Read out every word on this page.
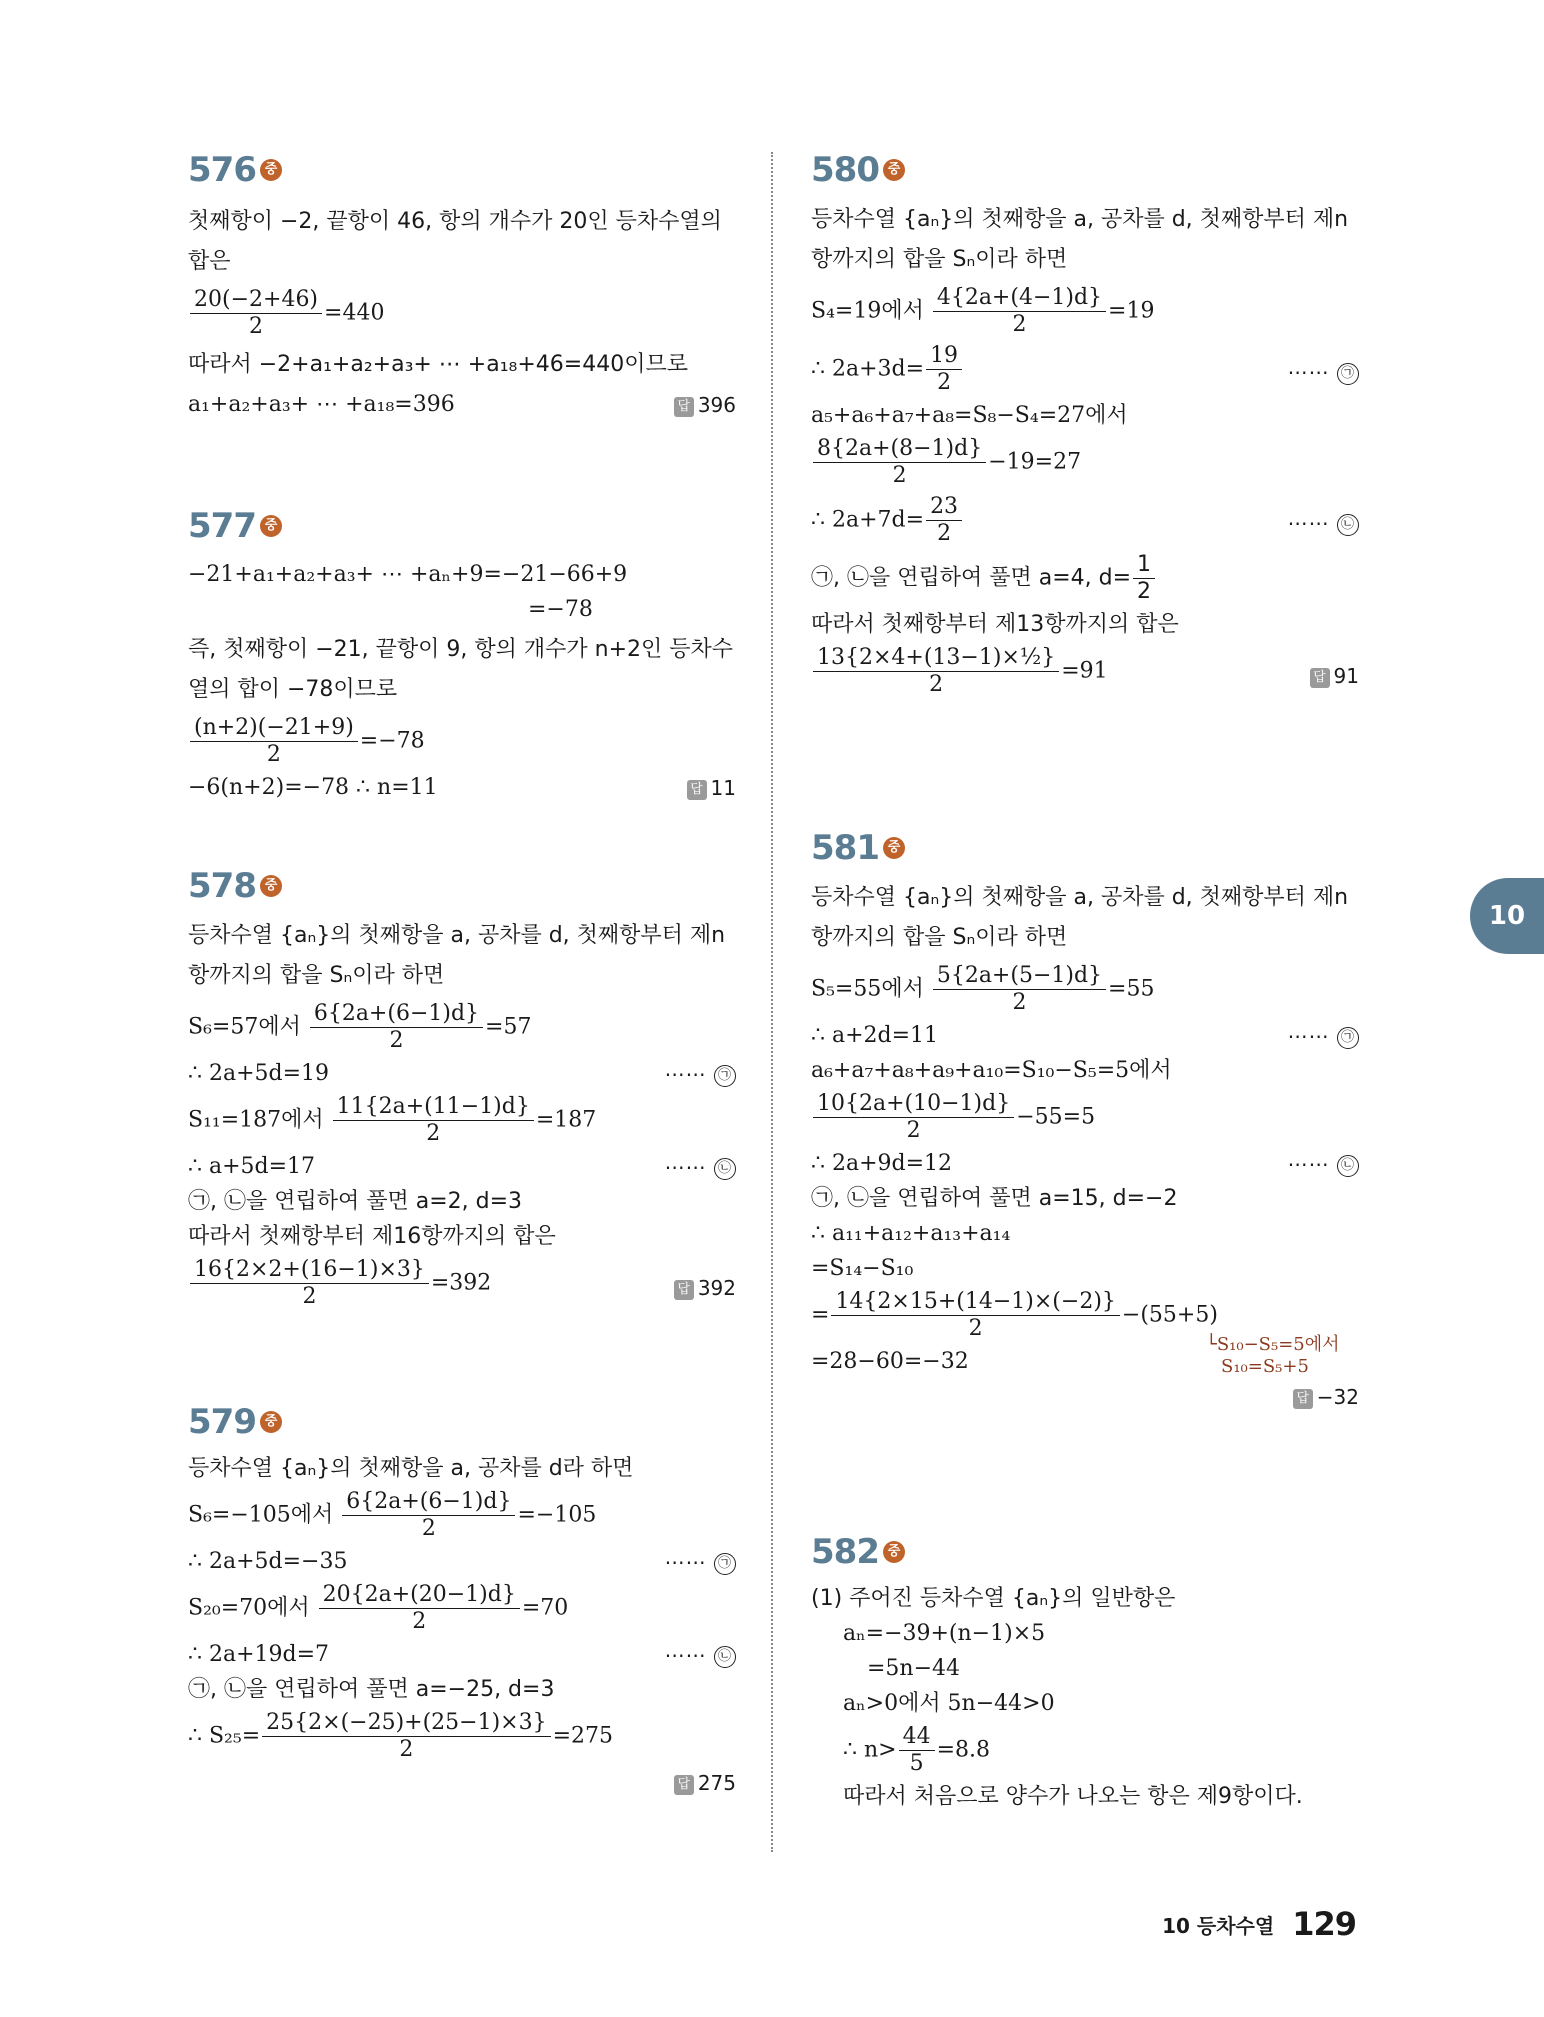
576 중
첫째항이 −2, 끝항이 46, 항의 개수가 20인 등차수열의 합은
$\frac{20(-2+46)}{2} =440$
따라서 −2+a₁+a₂+a₃+ ⋯ +a₁₈+46=440이므로
a₁+a₂+a₃+ ⋯ +a₁₈=396	답 396
577 중
−21+a₁+a₂+a₃+ ⋯ +aₙ+9=−21−66+9
=−78
즉, 첫째항이 −21, 끝항이 9, 항의 개수가 n+2인 등차수열의 합이 −78이므로
$\frac{(n+2)(-21+9)}{2} =-78$
−6(n+2)=−78 ∴ n=11	답 11
578 중
등차수열 {aₙ}의 첫째항을 a, 공차를 d, 첫째항부터 제n항까지의 합을 Sₙ이라 하면
S₆=57에서 $\frac{6\{2a+(6-1)d\}}{2} =57$
∴ 2a+5d=19	⋯⋯ ㉠
S₁₁=187에서 $\frac{11\{2a+(11-1)d\}}{2} =187$
∴ a+5d=17	⋯⋯ ㉡
㉠, ㉡을 연립하여 풀면 a=2, d=3
따라서 첫째항부터 제16항까지의 합은
$\frac{16\{2\times 2+(16-1)\times 3\}}{2} =392$	답 392
579 중
등차수열 {aₙ}의 첫째항을 a, 공차를 d라 하면
S₆=−105에서 $\frac{6\{2a+(6-1)d\}}{2} =-105$
∴ 2a+5d=−35	⋯⋯ ㉠
S₂₀=70에서 $\frac{20\{2a+(20-1)d\}}{2} =70$
∴ 2a+19d=7	⋯⋯ ㉡
㉠, ㉡을 연립하여 풀면 a=−25, d=3
∴ $S_{25}= \frac{25\{2\times(-25)+(25-1)\times 3\}}{2} =275$
답 275
580 중
등차수열 {aₙ}의 첫째항을 a, 공차를 d, 첫째항부터 제n항까지의 합을 Sₙ이라 하면
S₄=19에서 $\frac{4\{2a+(4-1)d\}}{2} =19$
∴ $2a+3d= \frac{19}{2}$	⋯⋯ ㉠
a₅+a₆+a₇+a₈=S₈−S₄=27에서
$\frac{8\{2a+(8-1)d\}}{2} -19=27$
∴ $2a+7d= \frac{23}{2}$	⋯⋯ ㉡
㉠, ㉡을 연립하여 풀면 a=4, $d= \frac{1}{2}$
따라서 첫째항부터 제13항까지의 합은
$\frac{\text{13\{2×4+(13−1)×½\}}}{2} =91$	답 91
581 중
등차수열 {aₙ}의 첫째항을 a, 공차를 d, 첫째항부터 제n항까지의 합을 Sₙ이라 하면
S₅=55에서 $\frac{5\{2a+(5-1)d\}}{2} =55$
∴ a+2d=11	⋯⋯ ㉠
a₆+a₇+a₈+a₉+a₁₀=S₁₀−S₅=5에서
$\frac{10\{2a+(10-1)d\}}{2} -55=5$
∴ 2a+9d=12	⋯⋯ ㉡
㉠, ㉡을 연립하여 풀면 a=15, d=−2
∴ a₁₁+a₁₂+a₁₃+a₁₄
=S₁₄−S₁₀
= $\frac{14\{2\times 15+(14-1)\times(-2)\}}{2} -(55+5)$
└S₁₀−S₅=5에서
S₁₀=S₅+5
=28−60=−32
답 −32
582 중
(1) 주어진 등차수열 {aₙ}의 일반항은
aₙ=−39+(n−1)×5
=5n−44
aₙ>0에서 5n−44>0
∴ $n> \frac{44}{5} =8.8$
따라서 처음으로 양수가 나오는 항은 제9항이다.
10
10 등차수열 129
